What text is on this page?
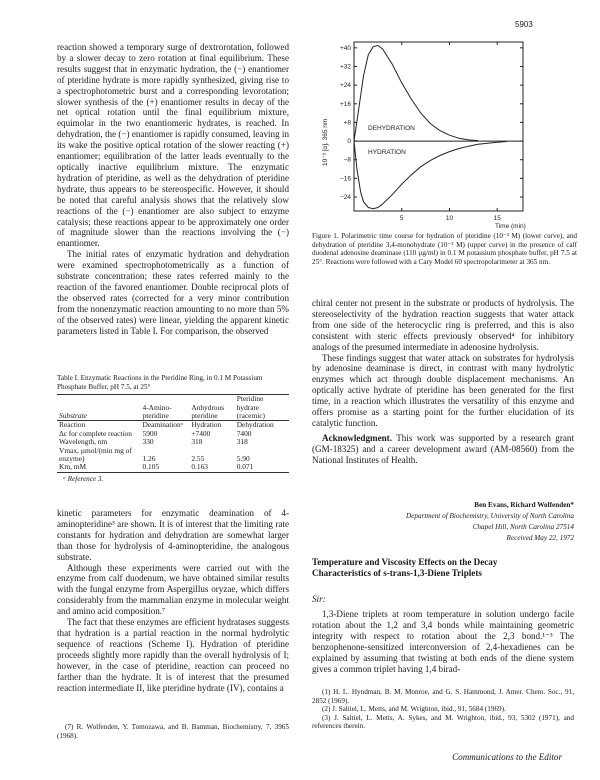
5903

reaction showed a temporary surge of dextrorotation, followed by a slower decay to zero rotation at final equilibrium. These results suggest that in enzymatic hydration, the (−) enantiomer of pteridine hydrate is more rapidly synthesized, giving rise to a spectrophotometric burst and a corresponding levorotation; slower synthesis of the (+) enantiomer results in decay of the net optical rotation until the final equilibrium mixture, equimolar in the two enantiomeric hydrates, is reached. In dehydration, the (−) enantiomer is rapidly consumed, leaving in its wake the positive optical rotation of the slower reacting (+) enantiomer; equilibration of the latter leads eventually to the optically inactive equilibrium mixture. The enzymatic hydration of pteridine, as well as the dehydration of pteridine hydrate, thus appears to be stereospecific. However, it should be noted that careful analysis shows that the relatively slow reactions of the (−) enantiomer are also subject to enzyme catalysis; these reactions appear to be approximately one order of magnitude slower than the reactions involving the (−) enantiomer.

The initial rates of enzymatic hydration and dehydration were examined spectrophotometrically as a function of substrate concentration; these rates referred mainly to the reaction of the favored enantiomer. Double reciprocal plots of the observed rates (corrected for a very minor contribution from the nonenzymatic reaction amounting to no more than 5% of the observed rates) were linear, yielding the apparent kinetic parameters listed in Table I. For comparison, the observed

Table I. Enzymatic Reactions in the Pteridine Ring, in 0.1 M Potassium Phosphate Buffer, pH 7.5, at 25°

Substrate	4-Amino-pteridine	Anhydrous pteridine	Pteridine hydrate (racemic)
Reaction	Deaminationᵃ	Hydration	Dehydration
Δε for complete reaction	5900	+7400	7400
Wavelength, nm	330	318	318
Vmax, µmol/(min mg of enzyme)	1.26	2.55	5.90
Km, mM	0.105	0.163	0.071

ᵃ Reference 3.

kinetic parameters for enzymatic deamination of 4-aminopteridine³ are shown. It is of interest that the limiting rate constants for hydration and dehydration are somewhat larger than those for hydrolysis of 4-aminopteridine, the analogous substrate.

Although these experiments were carried out with the enzyme from calf duodenum, we have obtained similar results with the fungal enzyme from Aspergillus oryzae, which differs considerably from the mammalian enzyme in molecular weight and amino acid composition.⁷

The fact that these enzymes are efficient hydratases suggests that hydration is a partial reaction in the normal hydrolytic sequence of reactions (Scheme I). Hydration of pteridine proceeds slightly more rapidly than the overall hydrolysis of I; however, in the case of pteridine, reaction can proceed no farther than the hydrate. It is of interest that the presumed reaction intermediate II, like pteridine hydrate (IV), contains a

(7) R. Wolfenden, Y. Tomozawa, and B. Bamman, Biochemistry, 7, 3965 (1968).
+40
+32
+24
+16
+8
0
−8
−16
−24
5	10	15
DEHYDRATION
HYDRATION
10⁻³ [α], 365 nm
Time (min)
Figure 1. Polarimetric time course for hydration of pteridine (10⁻³ M) (lower curve), and dehydration of pteridine 3,4-monohydrate (10⁻³ M) (upper curve) in the presence of calf duodenal adenosine deaminase (110 µg/ml) in 0.1 M potassium phosphate buffer, pH 7.5 at 25°. Reactions were followed with a Cary Model 60 spectropolarimeter at 365 nm.

chiral center not present in the substrate or products of hydrolysis. The stereoselectivity of the hydration reaction suggests that water attack from one side of the heterocyclic ring is preferred, and this is also consistent with steric effects previously observed⁴ for inhibitory analogs of the presumed intermediate in adenosine hydrolysis.

These findings suggest that water attack on substrates for hydrolysis by adenosine deaminase is direct, in contrast with many hydrolytic enzymes which act through double displacement mechanisms. An optically active hydrate of pteridine has been generated for the first time, in a reaction which illustrates the versatility of this enzyme and offers promise as a starting point for the further elucidation of its catalytic function.

Acknowledgment. This work was supported by a research grant (GM-18325) and a career development award (AM-08560) from the National Institutes of Health.

Ben Evans, Richard Wolfenden*
Department of Biochemistry, University of North Carolina
Chapel Hill, North Carolina 27514
Received May 22, 1972
Temperature and Viscosity Effects on the Decay Characteristics of s-trans-1,3-Diene Triplets
Sir:
1,3-Diene triplets at room temperature in solution undergo facile rotation about the 1,2 and 3,4 bonds while maintaining geometric integrity with respect to rotation about the 2,3 bond.¹⁻³ The benzophenone-sensitized interconversion of 2,4-hexadienes can be explained by assuming that twisting at both ends of the diene system gives a common triplet having 1,4 birad-

(1) H. L. Hyndman, B. M. Monroe, and G. S. Hammond, J. Amer. Chem. Soc., 91, 2852 (1969).

(2) J. Saltiel, L. Metts, and M. Wrighton, ibid., 91, 5684 (1969).

(3) J. Saltiel, L. Metts, A. Sykes, and M. Wrighton, ibid., 93, 5302 (1971), and references therein.

Communications to the Editor
